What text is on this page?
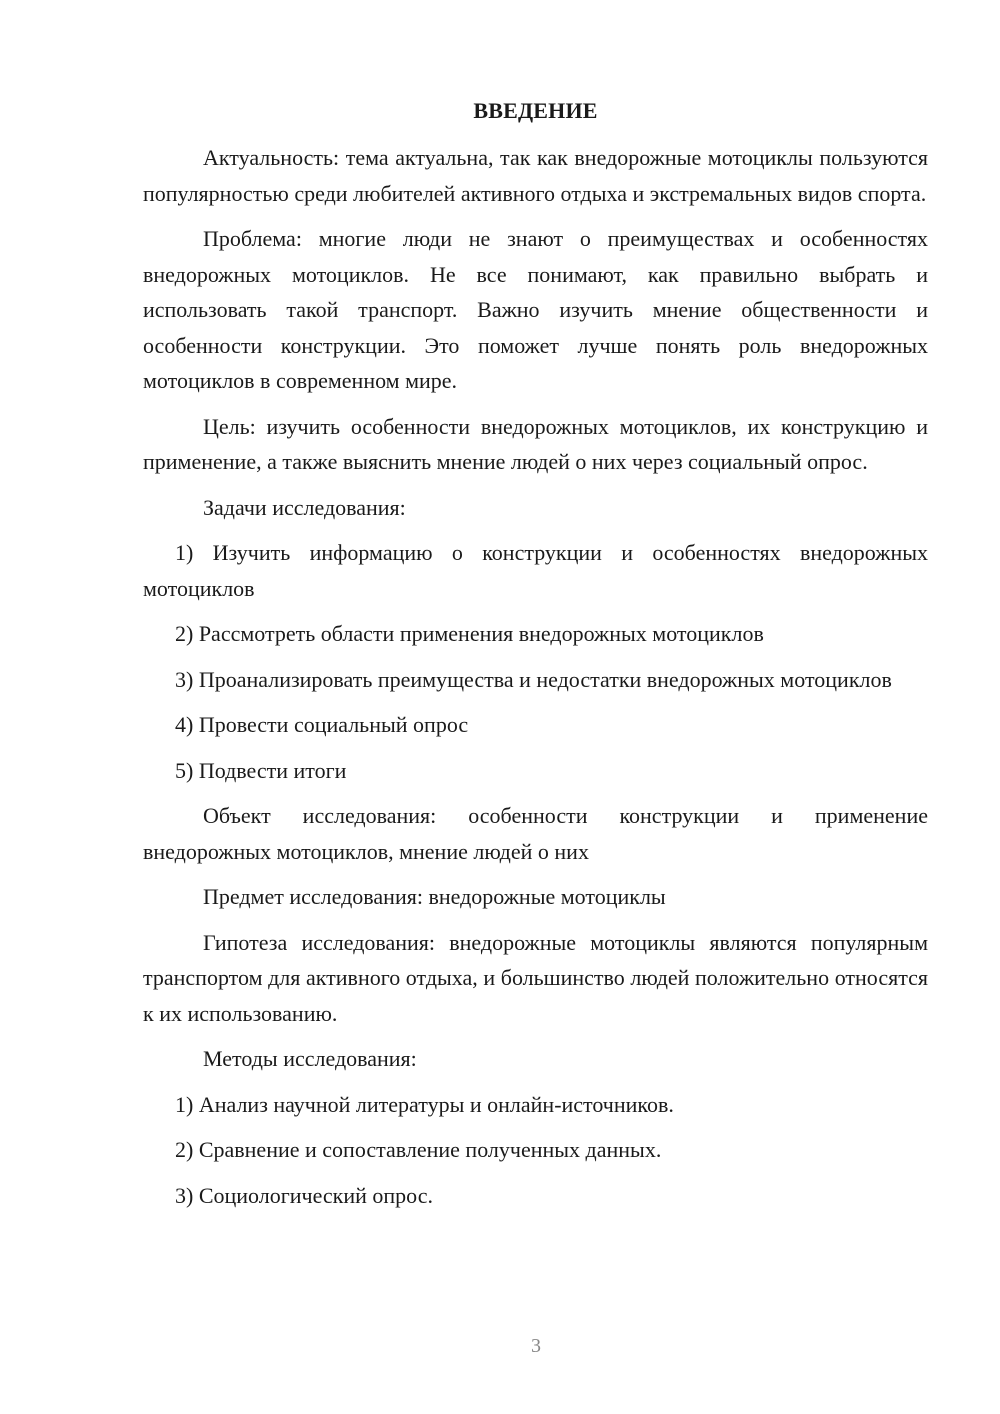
ВВЕДЕНИЕ

Актуальность: тема актуальна, так как внедорожные мотоциклы пользуются популярностью среди любителей активного отдыха и экстремальных видов спорта.

Проблема: многие люди не знают о преимуществах и особенностях внедорожных мотоциклов. Не все понимают, как правильно выбрать и использовать такой транспорт. Важно изучить мнение общественности и особенности конструкции. Это поможет лучше понять роль внедорожных мотоциклов в современном мире.

Цель: изучить особенности внедорожных мотоциклов, их конструкцию и применение, а также выяснить мнение людей о них через социальный опрос.

Задачи исследования:

1) Изучить информацию о конструкции и особенностях внедорожных мотоциклов

2) Рассмотреть области применения внедорожных мотоциклов

3) Проанализировать преимущества и недостатки внедорожных мотоциклов

4) Провести социальный опрос

5) Подвести итоги

Объект исследования: особенности конструкции и применение внедорожных мотоциклов, мнение людей о них

Предмет исследования: внедорожные мотоциклы

Гипотеза исследования: внедорожные мотоциклы являются популярным транспортом для активного отдыха, и большинство людей положительно относятся к их использованию.

Методы исследования:

1) Анализ научной литературы и онлайн-источников.

2) Сравнение и сопоставление полученных данных.

3) Социологический опрос.

3
